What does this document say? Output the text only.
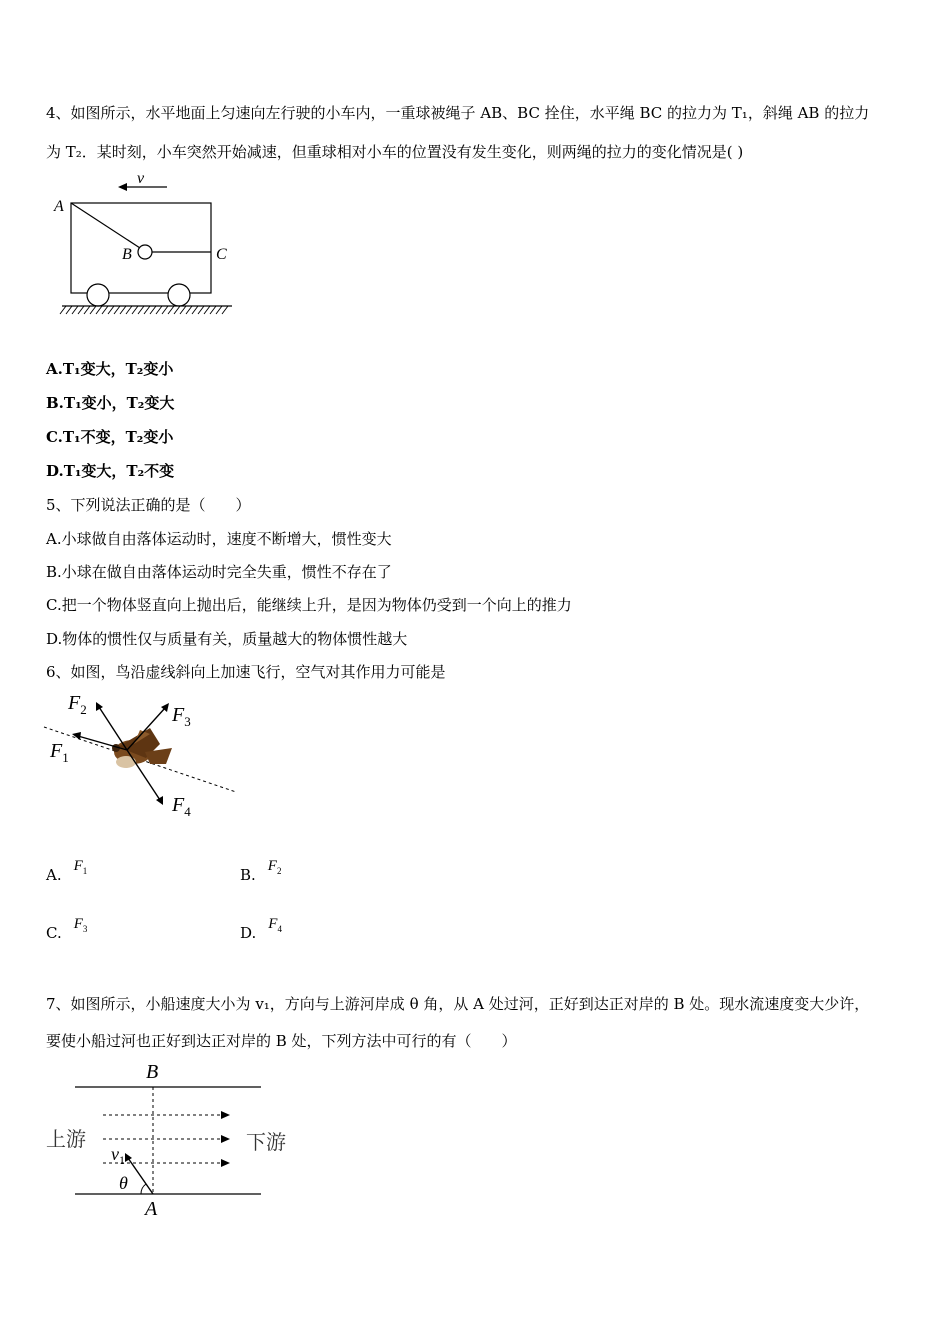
4、如图所示，水平地面上匀速向左行驶的小车内，一重球被绳子 AB、BC 拴住，水平绳 BC 的拉力为 T₁，斜绳 AB 的拉力
为 T₂．某时刻，小车突然开始减速，但重球相对小车的位置没有发生变化，则两绳的拉力的变化情况是( )
v
A
B	C
A.T₁变大，T₂变小
B.T₁变小，T₂变大
C.T₁不变，T₂变小
D.T₁变大，T₂不变
5、下列说法正确的是（　　）
A.小球做自由落体运动时，速度不断增大，惯性变大
B.小球在做自由落体运动时完全失重，惯性不存在了
C.把一个物体竖直向上抛出后，能继续上升，是因为物体仍受到一个向上的推力
D.物体的惯性仅与质量有关，质量越大的物体惯性越大
6、如图，鸟沿虚线斜向上加速飞行，空气对其作用力可能是
$F_2$	$F_3$
$F_1$
$F_4$
A. $F_1$	B. $F_2$
C. $F_3$	D. $F_4$
7、如图所示，小船速度大小为 v₁，方向与上游河岸成 θ 角，从 A 处过河，正好到达正对岸的 B 处。现水流速度变大少许，
要使小船过河也正好到达正对岸的 B 处，下列方法中可行的有（　　）
B
A
上游	下游
$v_1$
θ
